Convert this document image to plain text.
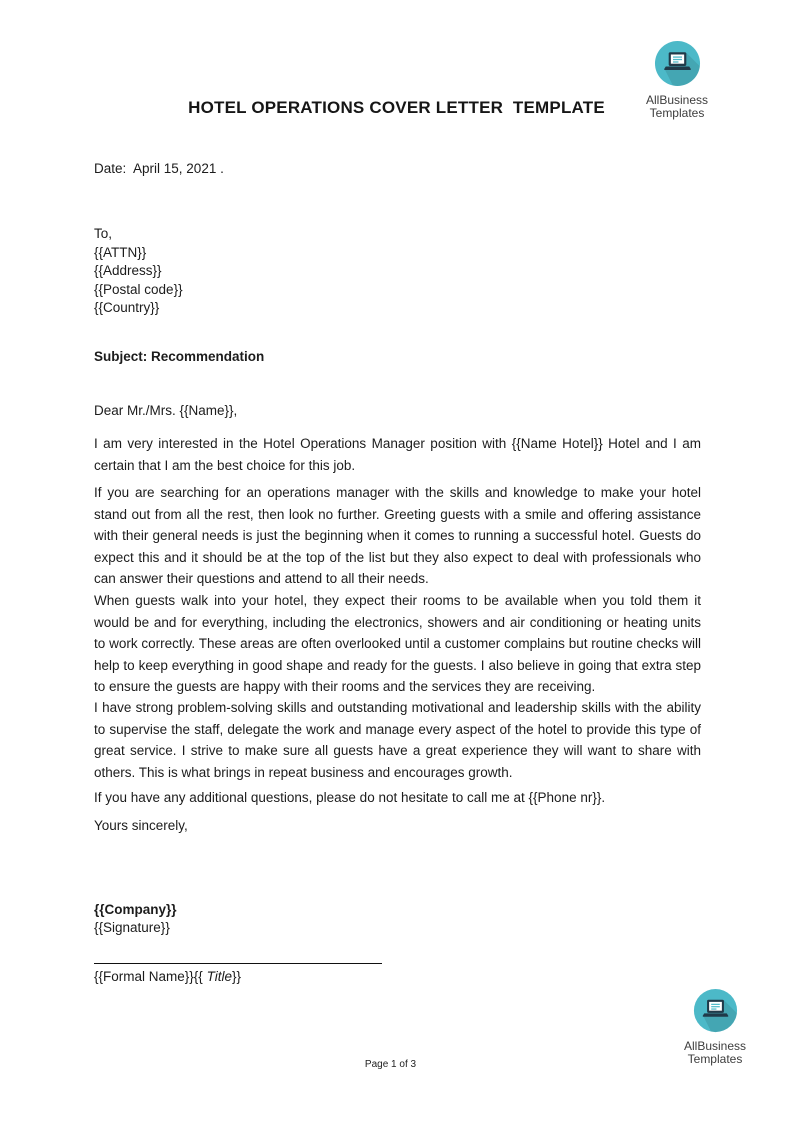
AllBusiness
Templates
HOTEL OPERATIONS COVER LETTER  TEMPLATE
Date:  April 15, 2021 .
To,
{{ATTN}}
{{Address}}
{{Postal code}}
{{Country}}
Subject: Recommendation
Dear Mr./Mrs. {{Name}},

I am very interested in the Hotel Operations Manager position with {{Name Hotel}} Hotel and I am certain that I am the best choice for this job.

If you are searching for an operations manager with the skills and knowledge to make your hotel stand out from all the rest, then look no further. Greeting guests with a smile and offering assistance with their general needs is just the beginning when it comes to running a successful hotel. Guests do expect this and it should be at the top of the list but they also expect to deal with professionals who can answer their questions and attend to all their needs.

When guests walk into your hotel, they expect their rooms to be available when you told them it would be and for everything, including the electronics, showers and air conditioning or heating units to work correctly. These areas are often overlooked until a customer complains but routine checks will help to keep everything in good shape and ready for the guests. I also believe in going that extra step to ensure the guests are happy with their rooms and the services they are receiving.

I have strong problem-solving skills and outstanding motivational and leadership skills with the ability to supervise the staff, delegate the work and manage every aspect of the hotel to provide this type of great service. I strive to make sure all guests have a great experience they will want to share with others. This is what brings in repeat business and encourages growth.

If you have any additional questions, please do not hesitate to call me at {{Phone nr}}.

Yours sincerely,
{{Company}}
{{Signature}}
{{Formal Name}}{{ Title}}
AllBusiness
Templates
Page 1 of 3
